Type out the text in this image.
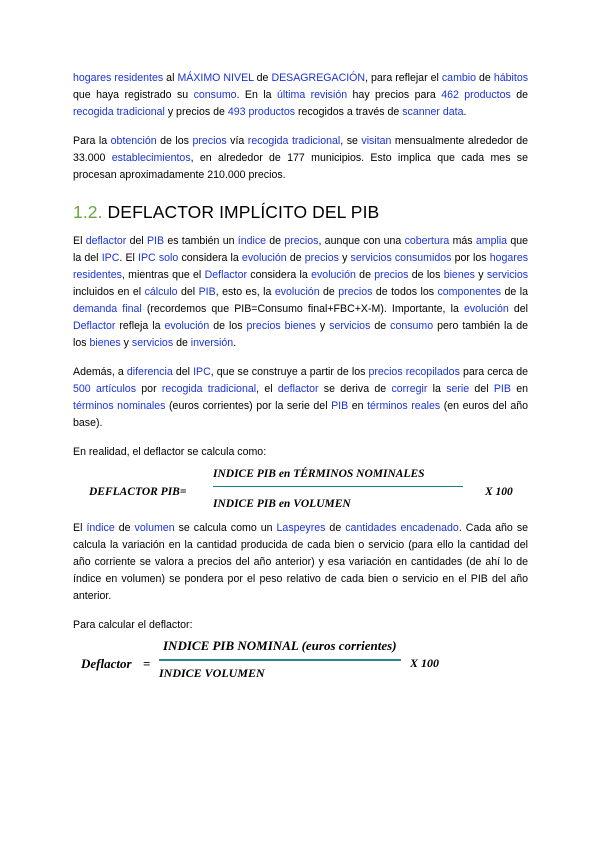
hogares residentes al MÁXIMO NIVEL de DESAGREGACIÓN, para reflejar el cambio de hábitos que haya registrado su consumo. En la última revisión hay precios para 462 productos de recogida tradicional y precios de 493 productos recogidos a través de scanner data.

Para la obtención de los precios vía recogida tradicional, se visitan mensualmente alrededor de 33.000 establecimientos, en alrededor de 177 municipios. Esto implica que cada mes se procesan aproximadamente 210.000 precios.

1.2. DEFLACTOR IMPLÍCITO DEL PIB

El deflactor del PIB es también un índice de precios, aunque con una cobertura más amplia que la del IPC. El IPC solo considera la evolución de precios y servicios consumidos por los hogares residentes, mientras que el Deflactor considera la evolución de precios de los bienes y servicios incluidos en el cálculo del PIB, esto es, la evolución de precios de todos los componentes de la demanda final (recordemos que PIB=Consumo final+FBC+X-M). Importante, la evolución del Deflactor refleja la evolución de los precios bienes y servicios de consumo pero también la de los bienes y servicios de inversión.

Además, a diferencia del IPC, que se construye a partir de los precios recopilados para cerca de 500 artículos por recogida tradicional, el deflactor se deriva de corregir la serie del PIB en términos nominales (euros corrientes) por la serie del PIB en términos reales (en euros del año base).

En realidad, el deflactor se calcula como:

DEFLACTOR PIB=
INDICE PIB en TÉRMINOS NOMINALES
INDICE PIB en VOLUMEN
X 100

El índice de volumen se calcula como un Laspeyres de cantidades encadenado. Cada año se calcula la variación en la cantidad producida de cada bien o servicio (para ello la cantidad del año corriente se valora a precios del año anterior) y esa variación en cantidades (de ahí lo de índice en volumen) se pondera por el peso relativo de cada bien o servicio en el PIB del año anterior.

Para calcular el deflactor:

Deflactor =
INDICE PIB NOMINAL (euros corrientes)
INDICE VOLUMEN
X 100
